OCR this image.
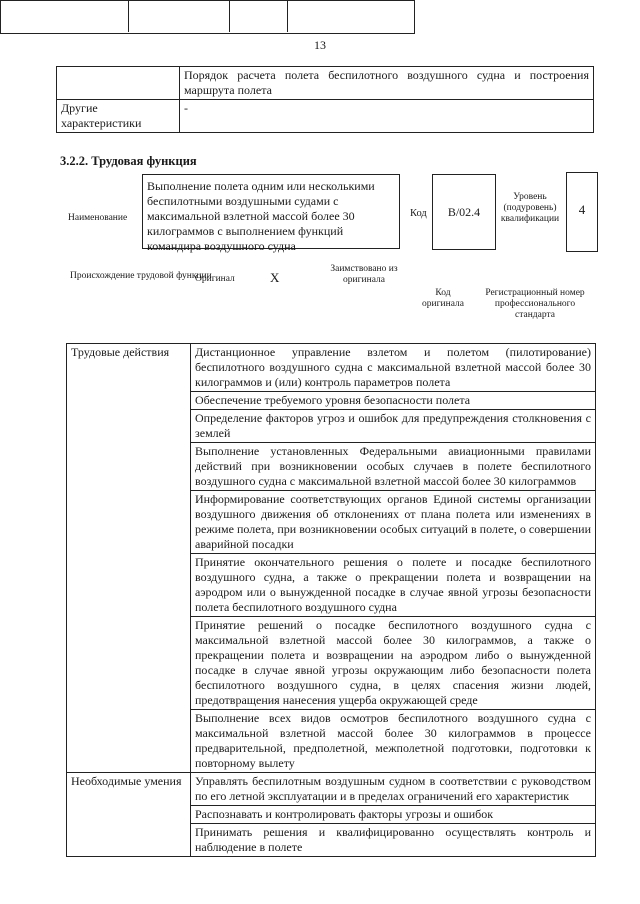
13
	Порядок расчета полета беспилотного воздушного судна и построения маршрута полета
Другие характеристики	-
3.2.2. Трудовая функция
Наименование
Выполнение полета одним или несколькими беспилотными воздушными судами с максимальной взлетной массой более 30 килограммов с выполнением функций командира воздушного судна
Код	B/02.4
Уровень (подуровень) квалификации
4
Происхождение трудовой функции
Оригинал	X
Заимствовано из оригинала
Код оригинала
Регистрационный номер профессионального стандарта
Трудовые действия	Дистанционное управление взлетом и полетом (пилотирование) беспилотного воздушного судна с максимальной взлетной массой более 30 килограммов и (или) контроль параметров полета
	Обеспечение требуемого уровня безопасности полета
	Определение факторов угроз и ошибок для предупреждения столкновения с землей
	Выполнение установленных Федеральными авиационными правилами действий при возникновении особых случаев в полете беспилотного воздушного судна с максимальной взлетной массой более 30 килограммов
	Информирование соответствующих органов Единой системы организации воздушного движения об отклонениях от плана полета или изменениях в режиме полета, при возникновении особых ситуаций в полете, о совершении аварийной посадки
	Принятие окончательного решения о полете и посадке беспилотного воздушного судна, а также о прекращении полета и возвращении на аэродром или о вынужденной посадке в случае явной угрозы безопасности полета беспилотного воздушного судна
	Принятие решений о посадке беспилотного воздушного судна с максимальной взлетной массой более 30 килограммов, а также о прекращении полета и возвращении на аэродром либо о вынужденной посадке в случае явной угрозы окружающим либо безопасности полета беспилотного воздушного судна, в целях спасения жизни людей, предотвращения нанесения ущерба окружающей среде
	Выполнение всех видов осмотров беспилотного воздушного судна с максимальной взлетной массой более 30 килограммов в процессе предварительной, предполетной, межполетной подготовки, подготовки к повторному вылету
Необходимые умения	Управлять беспилотным воздушным судном в соответствии с руководством по его летной эксплуатации и в пределах ограничений его характеристик
	Распознавать и контролировать факторы угрозы и ошибок
	Принимать решения и квалифицированно осуществлять контроль и наблюдение в полете
